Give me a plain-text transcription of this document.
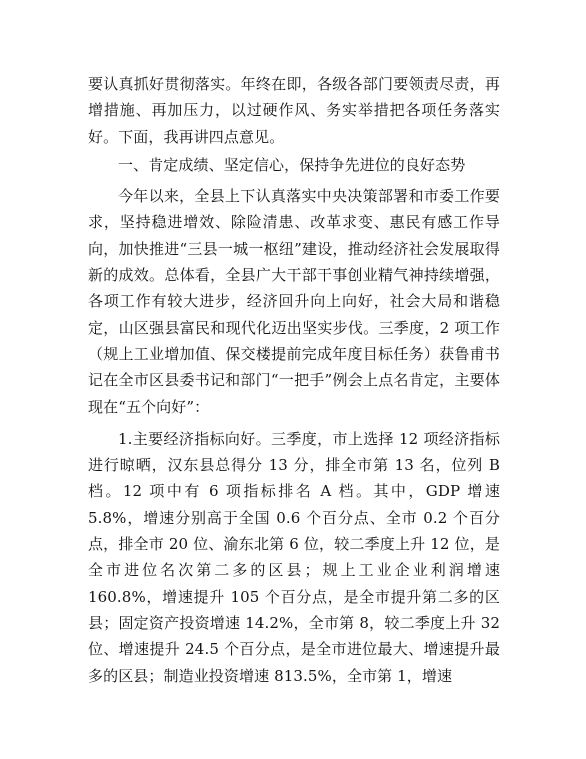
要认真抓好贯彻落实。年终在即，各级各部门要领责尽责，再增措施、再加压力，以过硬作风、务实举措把各项任务落实好。下面，我再讲四点意见。

一、肯定成绩、坚定信心，保持争先进位的良好态势

今年以来，全县上下认真落实中央决策部署和市委工作要求，坚持稳进增效、除险清患、改革求变、惠民有感工作导向，加快推进“三县一城一枢纽”建设，推动经济社会发展取得新的成效。总体看，全县广大干部干事创业精气神持续增强，各项工作有较大进步，经济回升向上向好，社会大局和谐稳定，山区强县富民和现代化迈出坚实步伐。三季度，2 项工作（规上工业增加值、保交楼提前完成年度目标任务）获鲁甫书记在全市区县委书记和部门“一把手”例会上点名肯定，主要体现在“五个向好”：

1.主要经济指标向好。三季度，市上选择 12 项经济指标进行晾晒，汉东县总得分 13 分，排全市第 13 名，位列 B 档。12 项中有 6 项指标排名 A 档。其中，GDP 增速 5.8%，增速分别高于全国 0.6 个百分点、全市 0.2 个百分点，排全市 20 位、渝东北第 6 位，较二季度上升 12 位，是全市进位名次第二多的区县；规上工业企业利润增速 160.8%，增速提升 105 个百分点，是全市提升第二多的区县；固定资产投资增速 14.2%，全市第 8，较二季度上升 32 位、增速提升 24.5 个百分点，是全市进位最大、增速提升最多的区县；制造业投资增速 813.5%，全市第 1，增速
